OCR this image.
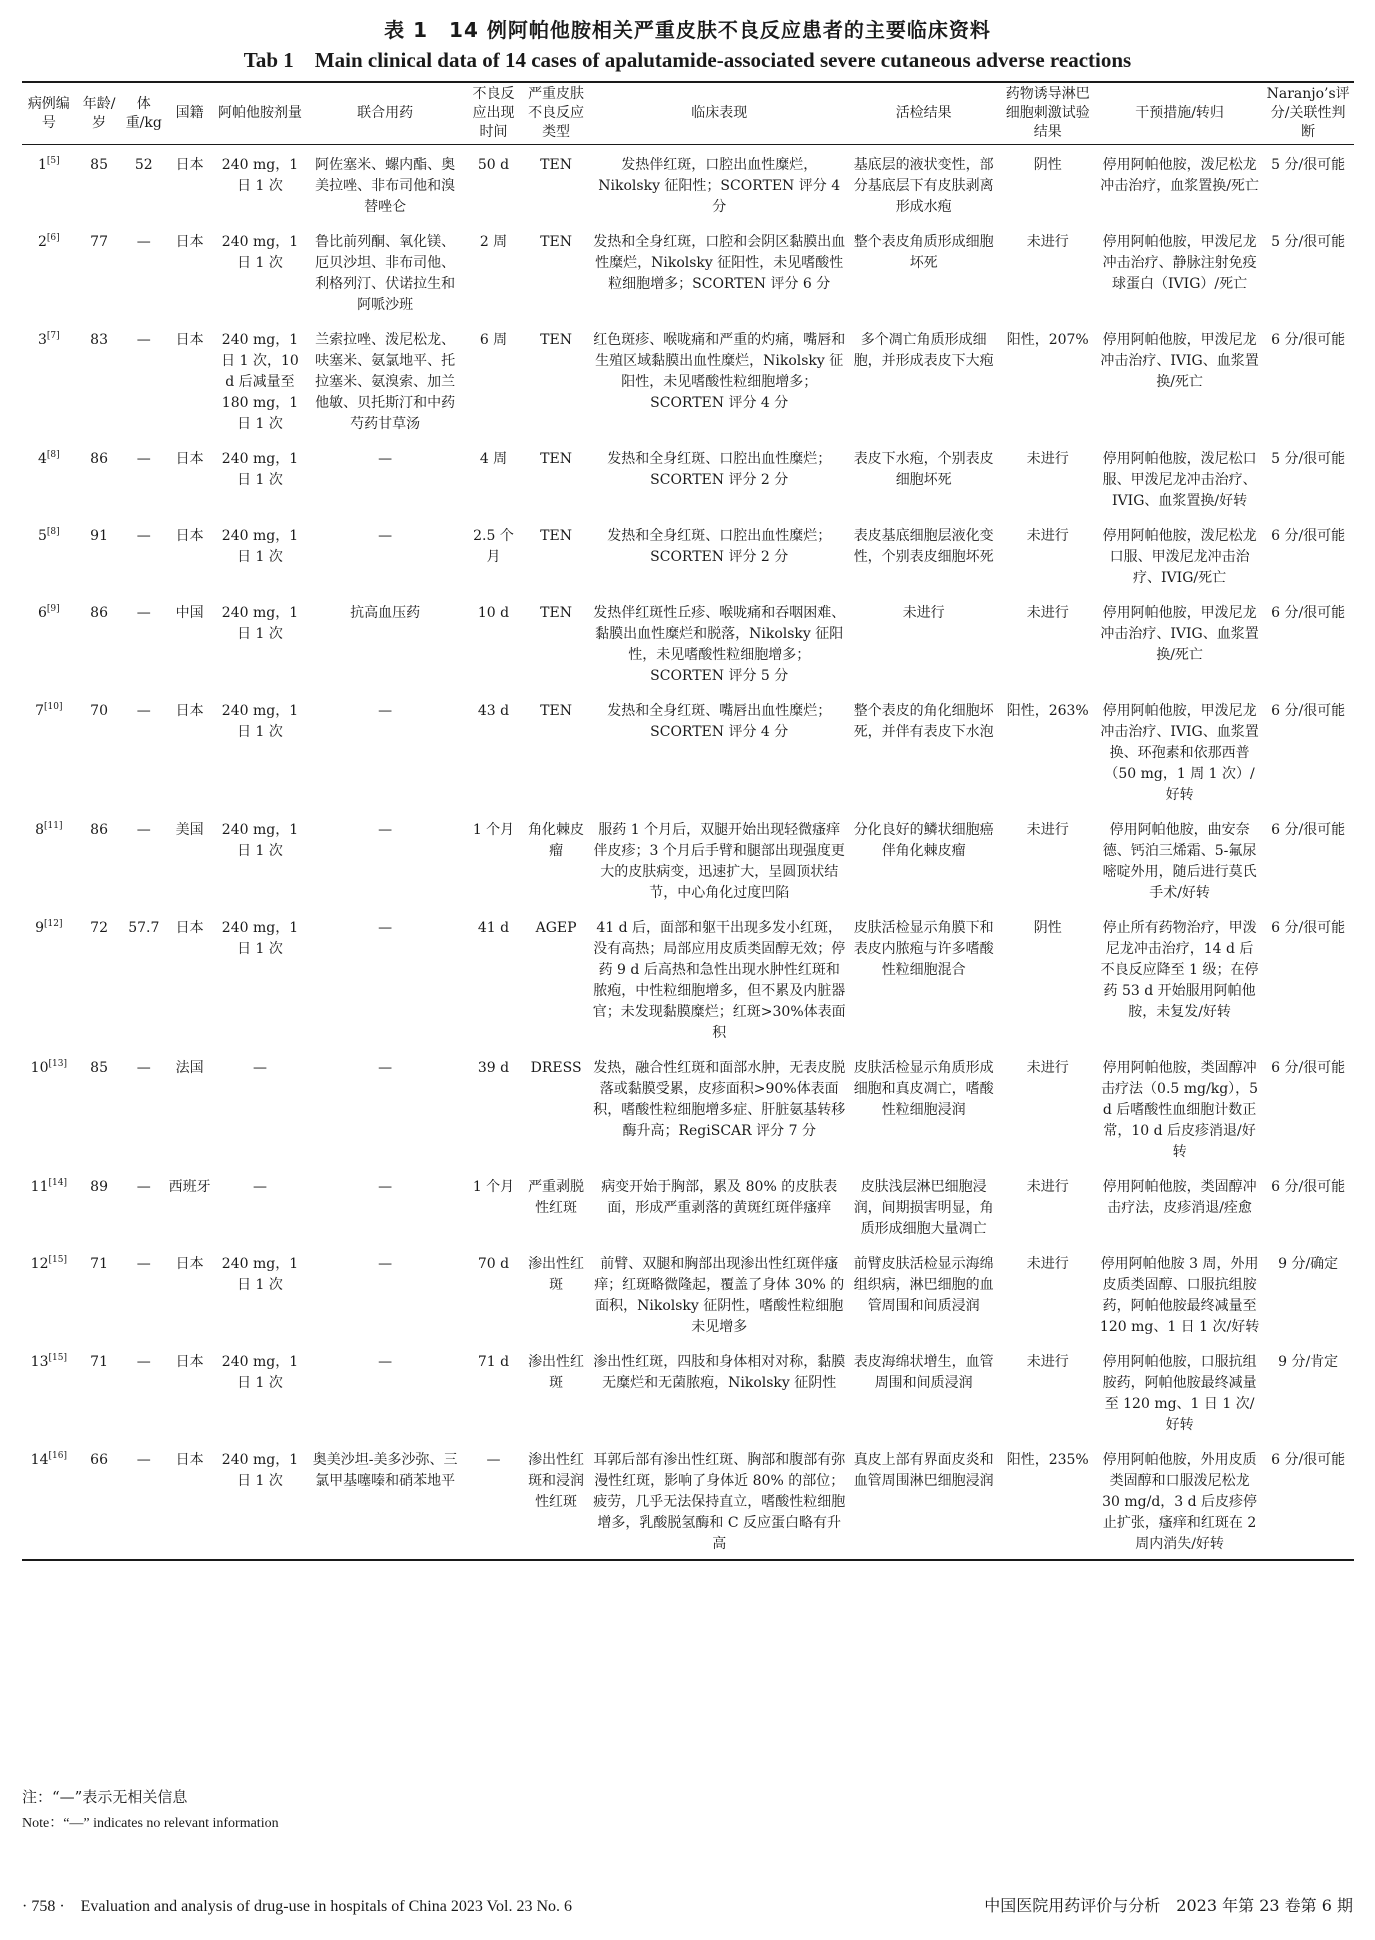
表 1　14 例阿帕他胺相关严重皮肤不良反应患者的主要临床资料
Tab 1　Main clinical data of 14 cases of apalutamide-associated severe cutaneous adverse reactions
病例编号	年龄/岁	体重/kg	国籍	阿帕他胺剂量	联合用药	不良反应出现时间	严重皮肤不良反应类型	临床表现	活检结果	药物诱导淋巴细胞刺激试验结果	干预措施/转归	Naranjo’s评分/关联性判断
1[5]	85	52	日本	240 mg，1 日 1 次	阿佐塞米、螺内酯、奥美拉唑、非布司他和溴替唑仑	50 d	TEN	发热伴红斑，口腔出血性糜烂，Nikolsky 征阳性；SCORTEN 评分 4 分	基底层的液状变性，部分基底层下有皮肤剥离形成水疱	阴性	停用阿帕他胺，泼尼松龙冲击治疗，血浆置换/死亡	5 分/很可能
2[6]	77	—	日本	240 mg，1 日 1 次	鲁比前列酮、氧化镁、厄贝沙坦、非布司他、利格列汀、伏诺拉生和阿哌沙班	2 周	TEN	发热和全身红斑，口腔和会阴区黏膜出血性糜烂，Nikolsky 征阳性，未见嗜酸性粒细胞增多；SCORTEN 评分 6 分	整个表皮角质形成细胞坏死	未进行	停用阿帕他胺，甲泼尼龙冲击治疗、静脉注射免疫球蛋白（IVIG）/死亡	5 分/很可能
3[7]	83	—	日本	240 mg，1 日 1 次，10 d 后减量至 180 mg，1 日 1 次	兰索拉唑、泼尼松龙、呋塞米、氨氯地平、托拉塞米、氨溴索、加兰他敏、贝托斯汀和中药芍药甘草汤	6 周	TEN	红色斑疹、喉咙痛和严重的灼痛，嘴唇和生殖区域黏膜出血性糜烂，Nikolsky 征阳性，未见嗜酸性粒细胞增多；SCORTEN 评分 4 分	多个凋亡角质形成细胞，并形成表皮下大疱	阳性，207%	停用阿帕他胺，甲泼尼龙冲击治疗、IVIG、血浆置换/死亡	6 分/很可能
4[8]	86	—	日本	240 mg，1 日 1 次	—	4 周	TEN	发热和全身红斑、口腔出血性糜烂；SCORTEN 评分 2 分	表皮下水疱，个别表皮细胞坏死	未进行	停用阿帕他胺，泼尼松口服、甲泼尼龙冲击治疗、IVIG、血浆置换/好转	5 分/很可能
5[8]	91	—	日本	240 mg，1 日 1 次	—	2.5 个月	TEN	发热和全身红斑、口腔出血性糜烂；SCORTEN 评分 2 分	表皮基底细胞层液化变性，个别表皮细胞坏死	未进行	停用阿帕他胺，泼尼松龙口服、甲泼尼龙冲击治疗、IVIG/死亡	6 分/很可能
6[9]	86	—	中国	240 mg，1 日 1 次	抗高血压药	10 d	TEN	发热伴红斑性丘疹、喉咙痛和吞咽困难、黏膜出血性糜烂和脱落，Nikolsky 征阳性，未见嗜酸性粒细胞增多；SCORTEN 评分 5 分	未进行	未进行	停用阿帕他胺，甲泼尼龙冲击治疗、IVIG、血浆置换/死亡	6 分/很可能
7[10]	70	—	日本	240 mg，1 日 1 次	—	43 d	TEN	发热和全身红斑、嘴唇出血性糜烂；SCORTEN 评分 4 分	整个表皮的角化细胞坏死，并伴有表皮下水泡	阳性，263%	停用阿帕他胺，甲泼尼龙冲击治疗、IVIG、血浆置换、环孢素和依那西普（50 mg，1 周 1 次）/好转	6 分/很可能
8[11]	86	—	美国	240 mg，1 日 1 次	—	1 个月	角化棘皮瘤	服药 1 个月后，双腿开始出现轻微瘙痒伴皮疹；3 个月后手臂和腿部出现强度更大的皮肤病变，迅速扩大，呈圆顶状结节，中心角化过度凹陷	分化良好的鳞状细胞癌伴角化棘皮瘤	未进行	停用阿帕他胺，曲安奈德、钙泊三烯霜、5-氟尿嘧啶外用，随后进行莫氏手术/好转	6 分/很可能
9[12]	72	57.7	日本	240 mg，1 日 1 次	—	41 d	AGEP	41 d 后，面部和躯干出现多发小红斑，没有高热；局部应用皮质类固醇无效；停药 9 d 后高热和急性出现水肿性红斑和脓疱，中性粒细胞增多，但不累及内脏器官；未发现黏膜糜烂；红斑>30%体表面积	皮肤活检显示角膜下和表皮内脓疱与许多嗜酸性粒细胞混合	阴性	停止所有药物治疗，甲泼尼龙冲击治疗，14 d 后不良反应降至 1 级；在停药 53 d 开始服用阿帕他胺，未复发/好转	6 分/很可能
10[13]	85	—	法国	—	—	39 d	DRESS	发热，融合性红斑和面部水肿，无表皮脱落或黏膜受累，皮疹面积>90%体表面积，嗜酸性粒细胞增多症、肝脏氨基转移酶升高；RegiSCAR 评分 7 分	皮肤活检显示角质形成细胞和真皮凋亡，嗜酸性粒细胞浸润	未进行	停用阿帕他胺，类固醇冲击疗法（0.5 mg/kg），5 d 后嗜酸性血细胞计数正常，10 d 后皮疹消退/好转	6 分/很可能
11[14]	89	—	西班牙	—	—	1 个月	严重剥脱性红斑	病变开始于胸部，累及 80% 的皮肤表面，形成严重剥落的黄斑红斑伴瘙痒	皮肤浅层淋巴细胞浸润，间期损害明显，角质形成细胞大量凋亡	未进行	停用阿帕他胺，类固醇冲击疗法，皮疹消退/痊愈	6 分/很可能
12[15]	71	—	日本	240 mg，1 日 1 次	—	70 d	渗出性红斑	前臂、双腿和胸部出现渗出性红斑伴瘙痒；红斑略微隆起，覆盖了身体 30% 的面积，Nikolsky 征阴性，嗜酸性粒细胞未见增多	前臂皮肤活检显示海绵组织病，淋巴细胞的血管周围和间质浸润	未进行	停用阿帕他胺 3 周，外用皮质类固醇、口服抗组胺药，阿帕他胺最终减量至 120 mg、1 日 1 次/好转	9 分/确定
13[15]	71	—	日本	240 mg，1 日 1 次	—	71 d	渗出性红斑	渗出性红斑，四肢和身体相对对称，黏膜无糜烂和无菌脓疱，Nikolsky 征阴性	表皮海绵状增生，血管周围和间质浸润	未进行	停用阿帕他胺，口服抗组胺药，阿帕他胺最终减量至 120 mg、1 日 1 次/好转	9 分/肯定
14[16]	66	—	日本	240 mg，1 日 1 次	奥美沙坦-美多沙弥、三氯甲基噻嗪和硝苯地平	—	渗出性红斑和浸润性红斑	耳郭后部有渗出性红斑、胸部和腹部有弥漫性红斑，影响了身体近 80% 的部位；疲劳，几乎无法保持直立，嗜酸性粒细胞增多，乳酸脱氢酶和 C 反应蛋白略有升高	真皮上部有界面皮炎和血管周围淋巴细胞浸润	阳性，235%	停用阿帕他胺，外用皮质类固醇和口服泼尼松龙 30 mg/d，3 d 后皮疹停止扩张，瘙痒和红斑在 2 周内消失/好转	6 分/很可能
注：“—”表示无相关信息
Note：“—” indicates no relevant information
· 758 ·　Evaluation and analysis of drug-use in hospitals of China 2023 Vol. 23 No. 6	中国医院用药评价与分析　2023 年第 23 卷第 6 期
